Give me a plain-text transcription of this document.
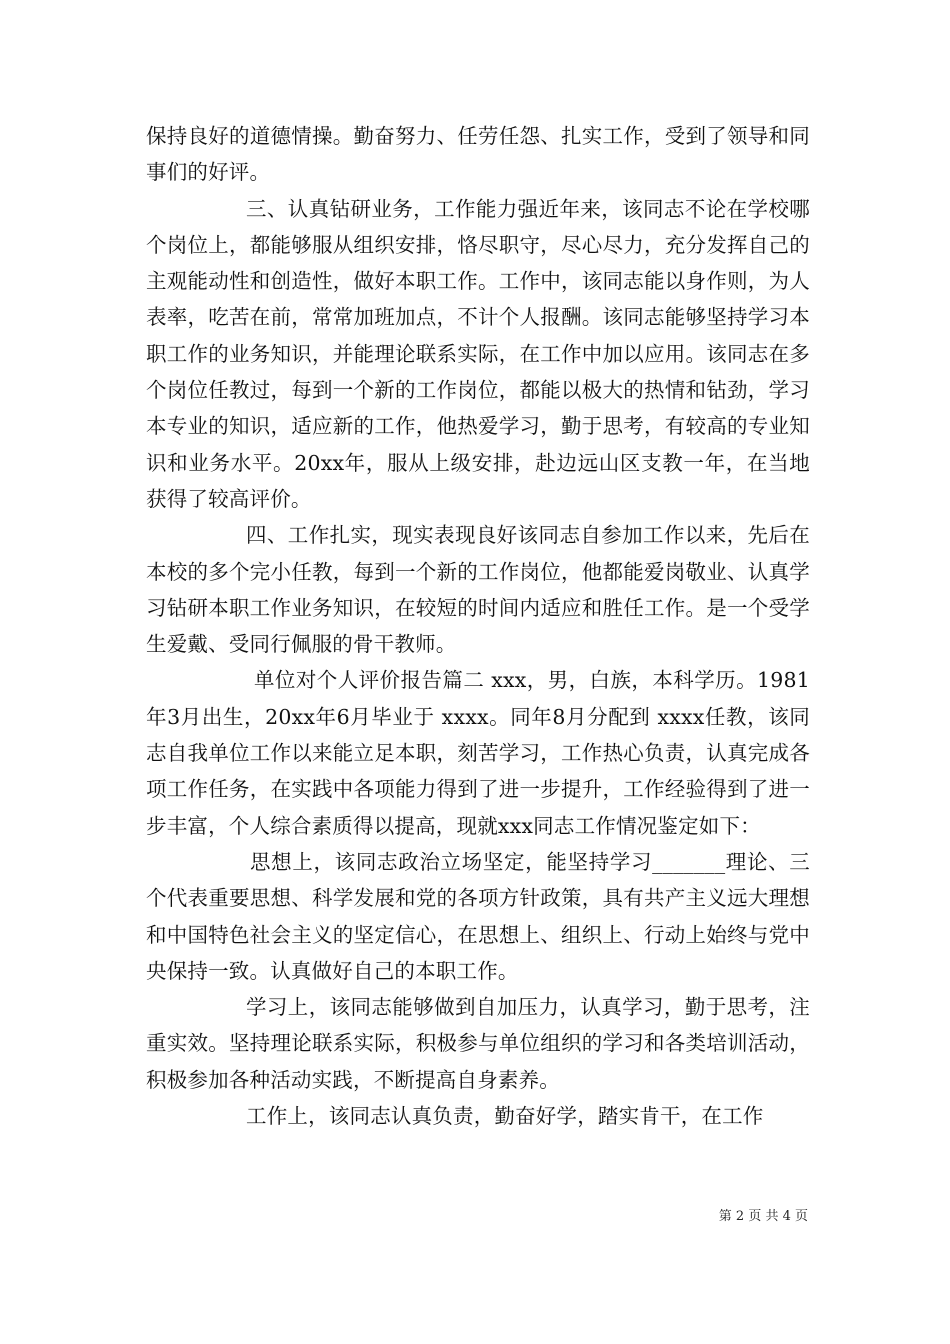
保持良好的道德情操。勤奋努力、任劳任怨、扎实工作，受到了领导和同事们的好评。

三、认真钻研业务，工作能力强近年来，该同志不论在学校哪个岗位上，都能够服从组织安排，恪尽职守，尽心尽力，充分发挥自己的主观能动性和创造性，做好本职工作。工作中，该同志能以身作则，为人表率，吃苦在前，常常加班加点，不计个人报酬。该同志能够坚持学习本职工作的业务知识，并能理论联系实际，在工作中加以应用。该同志在多个岗位任教过，每到一个新的工作岗位，都能以极大的热情和钻劲，学习本专业的知识，适应新的工作，他热爱学习，勤于思考，有较高的专业知识和业务水平。20xx年，服从上级安排，赴边远山区支教一年，在当地获得了较高评价。

四、工作扎实，现实表现良好该同志自参加工作以来，先后在本校的多个完小任教，每到一个新的工作岗位，他都能爱岗敬业、认真学习钻研本职工作业务知识，在较短的时间内适应和胜任工作。是一个受学生爱戴、受同行佩服的骨干教师。

单位对个人评价报告篇二 xxx，男，白族，本科学历。1981年3月出生，20xx年6月毕业于 xxxx。同年8月分配到 xxxx任教，该同志自我单位工作以来能立足本职，刻苦学习，工作热心负责，认真完成各项工作任务，在实践中各项能力得到了进一步提升，工作经验得到了进一步丰富，个人综合素质得以提高，现就xxx同志工作情况鉴定如下：

思想上，该同志政治立场坚定，能坚持学习_______理论、三个代表重要思想、科学发展和党的各项方针政策，具有共产主义远大理想和中国特色社会主义的坚定信心，在思想上、组织上、行动上始终与党中央保持一致。认真做好自己的本职工作。

学习上，该同志能够做到自加压力，认真学习，勤于思考，注重实效。坚持理论联系实际，积极参与单位组织的学习和各类培训活动，积极参加各种活动实践，不断提高自身素养。

工作上，该同志认真负责，勤奋好学，踏实肯干，在工作

第 2 页 共 4 页
